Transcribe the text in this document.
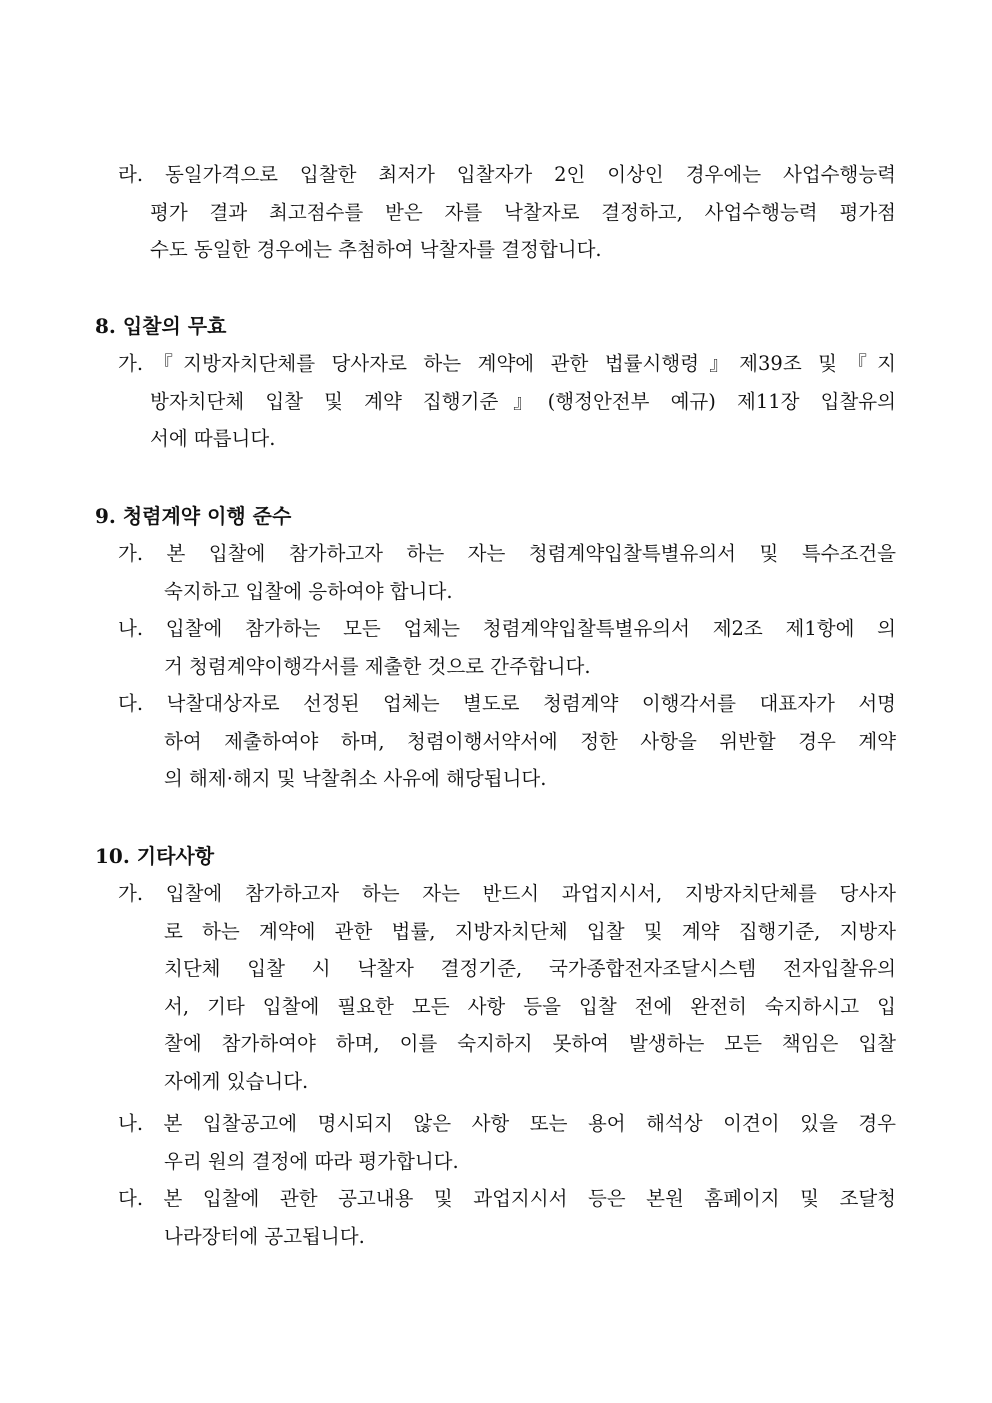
라. 동일가격으로 입찰한 최저가 입찰자가 2인 이상인 경우에는 사업수행능력
평가 결과 최고점수를 받은 자를 낙찰자로 결정하고, 사업수행능력 평가점
수도 동일한 경우에는 추첨하여 낙찰자를 결정합니다.
8. 입찰의 무효
가.『지방자치단체를 당사자로 하는 계약에 관한 법률시행령』제39조 및『지
방자치단체 입찰 및 계약 집행기준』(행정안전부 예규) 제11장 입찰유의
서에 따릅니다.
9. 청렴계약 이행 준수
가. 본 입찰에 참가하고자 하는 자는 청렴계약입찰특별유의서 및 특수조건을
숙지하고 입찰에 응하여야 합니다.
나. 입찰에 참가하는 모든 업체는 청렴계약입찰특별유의서 제2조 제1항에 의
거 청렴계약이행각서를 제출한 것으로 간주합니다.
다. 낙찰대상자로 선정된 업체는 별도로 청렴계약 이행각서를 대표자가 서명
하여 제출하여야 하며, 청렴이행서약서에 정한 사항을 위반할 경우 계약
의 해제·해지 및 낙찰취소 사유에 해당됩니다.
10. 기타사항
가. 입찰에 참가하고자 하는 자는 반드시 과업지시서, 지방자치단체를 당사자
로 하는 계약에 관한 법률, 지방자치단체 입찰 및 계약 집행기준, 지방자
치단체 입찰 시 낙찰자 결정기준, 국가종합전자조달시스템 전자입찰유의
서, 기타 입찰에 필요한 모든 사항 등을 입찰 전에 완전히 숙지하시고 입
찰에 참가하여야 하며, 이를 숙지하지 못하여 발생하는 모든 책임은 입찰
자에게 있습니다.
나. 본 입찰공고에 명시되지 않은 사항 또는 용어 해석상 이견이 있을 경우
우리 원의 결정에 따라 평가합니다.
다. 본 입찰에 관한 공고내용 및 과업지시서 등은 본원 홈페이지 및 조달청
나라장터에 공고됩니다.
